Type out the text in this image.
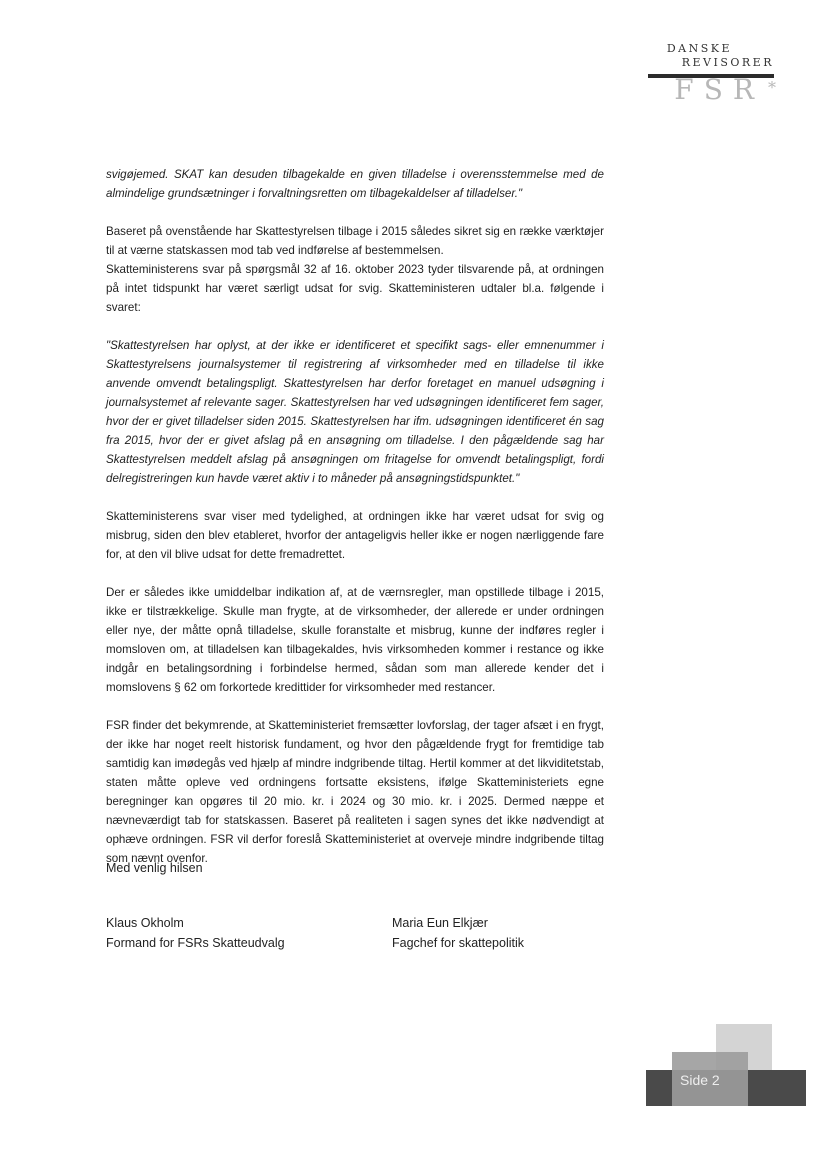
DANSKE
REVISORER
FSR *

svigøjemed. SKAT kan desuden tilbagekalde en given tilladelse i overensstemmelse med de almindelige grundsætninger i forvaltningsretten om tilbagekaldelser af tilladelser."

Baseret på ovenstående har Skattestyrelsen tilbage i 2015 således sikret sig en række værktøjer til at værne statskassen mod tab ved indførelse af bestemmelsen.

Skatteministerens svar på spørgsmål 32 af 16. oktober 2023 tyder tilsvarende på, at ordningen på intet tidspunkt har været særligt udsat for svig. Skatteministeren udtaler bl.a. følgende i svaret:

"Skattestyrelsen har oplyst, at der ikke er identificeret et specifikt sags- eller emnenummer i Skattestyrelsens journalsystemer til registrering af virksomheder med en tilladelse til ikke anvende omvendt betalingspligt. Skattestyrelsen har derfor foretaget en manuel udsøgning i journalsystemet af relevante sager. Skattestyrelsen har ved udsøgningen identificeret fem sager, hvor der er givet tilladelser siden 2015. Skattestyrelsen har ifm. udsøgningen identificeret én sag fra 2015, hvor der er givet afslag på en ansøgning om tilladelse. I den pågældende sag har Skattestyrelsen meddelt afslag på ansøgningen om fritagelse for omvendt betalingspligt, fordi delregistreringen kun havde været aktiv i to måneder på ansøgningstidspunktet."

Skatteministerens svar viser med tydelighed, at ordningen ikke har været udsat for svig og misbrug, siden den blev etableret, hvorfor der antageligvis heller ikke er nogen nærliggende fare for, at den vil blive udsat for dette fremadrettet.

Der er således ikke umiddelbar indikation af, at de værnsregler, man opstillede tilbage i 2015, ikke er tilstrækkelige. Skulle man frygte, at de virksomheder, der allerede er under ordningen eller nye, der måtte opnå tilladelse, skulle foranstalte et misbrug, kunne der indføres regler i momsloven om, at tilladelsen kan tilbagekaldes, hvis virksomheden kommer i restance og ikke indgår en betalingsordning i forbindelse hermed, sådan som man allerede kender det i momslovens § 62 om forkortede kredittider for virksomheder med restancer.

FSR finder det bekymrende, at Skatteministeriet fremsætter lovforslag, der tager afsæt i en frygt, der ikke har noget reelt historisk fundament, og hvor den pågældende frygt for fremtidige tab samtidig kan imødegås ved hjælp af mindre indgribende tiltag. Hertil kommer at det likviditetstab, staten måtte opleve ved ordningens fortsatte eksistens, ifølge Skatteministeriets egne beregninger kan opgøres til 20 mio. kr. i 2024 og 30 mio. kr. i 2025. Dermed næppe et nævneværdigt tab for statskassen. Baseret på realiteten i sagen synes det ikke nødvendigt at ophæve ordningen. FSR vil derfor foreslå Skatteministeriet at overveje mindre indgribende tiltag som nævnt ovenfor.

Med venlig hilsen
Klaus Okholm
Formand for FSRs Skatteudvalg
Maria Eun Elkjær
Fagchef for skattepolitik
Side 2
